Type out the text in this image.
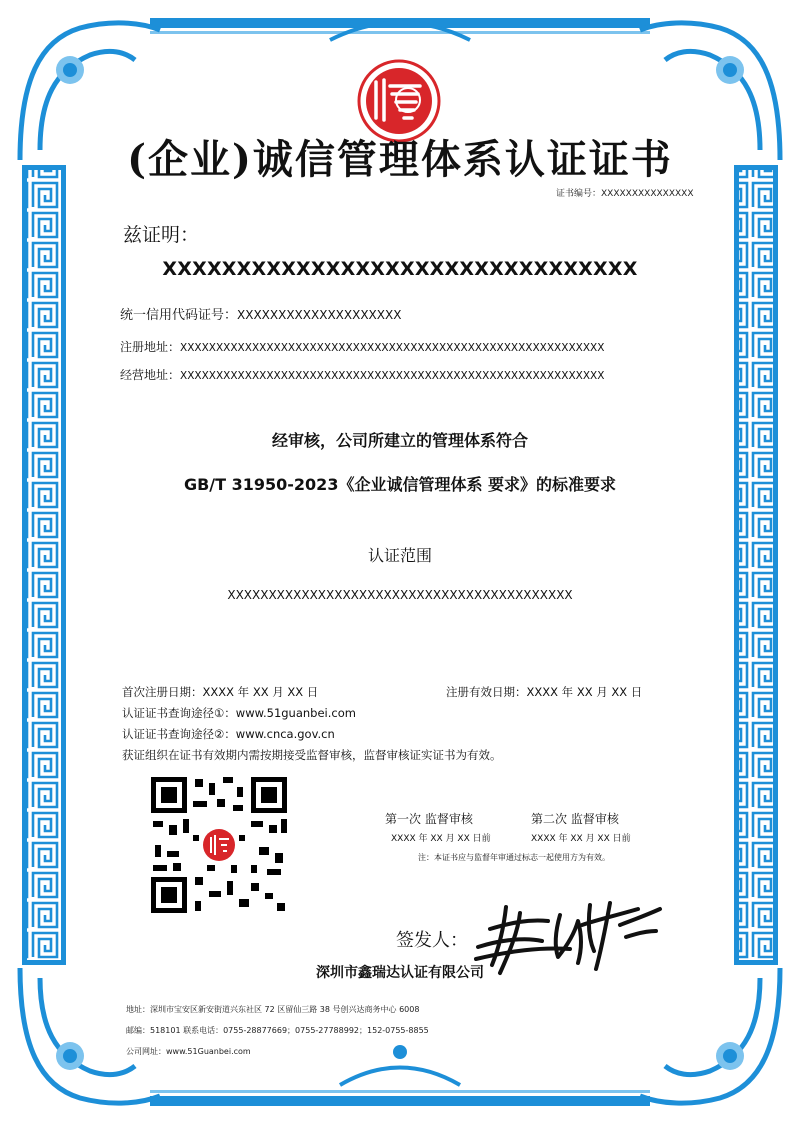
(企业)诚信管理体系认证证书
证书编号：XXXXXXXXXXXXXXX
兹证明：
XXXXXXXXXXXXXXXXXXXXXXXXXXXXXXXX
统一信用代码证号：XXXXXXXXXXXXXXXXXXXX
注册地址：XXXXXXXXXXXXXXXXXXXXXXXXXXXXXXXXXXXXXXXXXXXXXXXXXXXXXXXXXXX
经营地址：XXXXXXXXXXXXXXXXXXXXXXXXXXXXXXXXXXXXXXXXXXXXXXXXXXXXXXXXXXX
经审核，公司所建立的管理体系符合
GB/T 31950-2023《企业诚信管理体系 要求》的标准要求
认证范围
XXXXXXXXXXXXXXXXXXXXXXXXXXXXXXXXXXXXXXXXXX
首次注册日期：XXXX 年 XX 月 XX 日	注册有效日期：XXXX 年 XX 月 XX 日
认证证书查询途径①：www.51guanbei.com
认证证书查询途径②：www.cnca.gov.cn
获证组织在证书有效期内需按期接受监督审核，监督审核证实证书为有效。
第一次 监督审核	第二次 监督审核
XXXX 年 XX 月 XX 日前	XXXX 年 XX 月 XX 日前
注：本证书应与监督年审通过标志一起使用方为有效。
签发人：
深圳市鑫瑞达认证有限公司
地址：深圳市宝安区新安街道兴东社区 72 区留仙三路 38 号创兴达商务中心 6008
邮编：518101 联系电话：0755-28877669；0755-27788992；152-0755-8855
公司网址：www.51Guanbei.com
